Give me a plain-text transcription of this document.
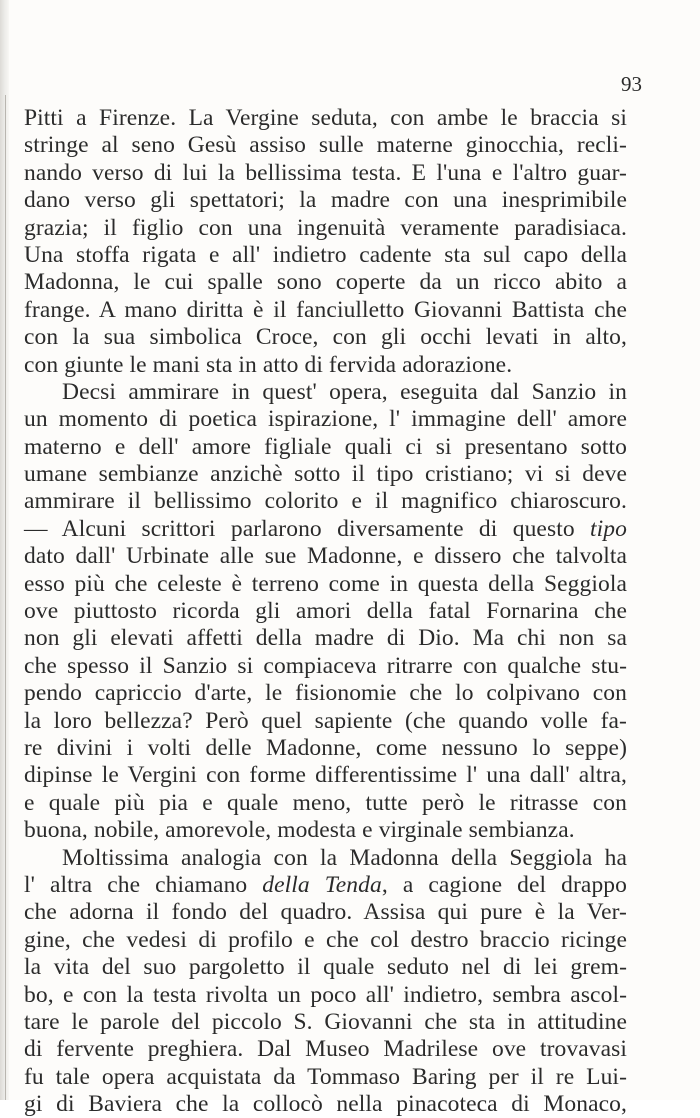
93
Pitti a Firenze. La Vergine seduta, con ambe le braccia si
stringe al seno Gesù assiso sulle materne ginocchia, recli-
nando verso di lui la bellissima testa. E l'una e l'altro guar-
dano verso gli spettatori; la madre con una inesprimibile
grazia; il figlio con una ingenuità veramente paradisiaca.
Una stoffa rigata e all' indietro cadente sta sul capo della
Madonna, le cui spalle sono coperte da un ricco abito a
frange. A mano diritta è il fanciulletto Giovanni Battista che
con la sua simbolica Croce, con gli occhi levati in alto,
con giunte le mani sta in atto di fervida adorazione.
Decsi ammirare in quest' opera, eseguita dal Sanzio in
un momento di poetica ispirazione, l' immagine dell' amore
materno e dell' amore figliale quali ci si presentano sotto
umane sembianze anzichè sotto il tipo cristiano; vi si deve
ammirare il bellissimo colorito e il magnifico chiaroscuro.
— Alcuni scrittori parlarono diversamente di questo tipo
dato dall' Urbinate alle sue Madonne, e dissero che talvolta
esso più che celeste è terreno come in questa della Seggiola
ove piuttosto ricorda gli amori della fatal Fornarina che
non gli elevati affetti della madre di Dio. Ma chi non sa
che spesso il Sanzio si compiaceva ritrarre con qualche stu-
pendo capriccio d'arte, le fisionomie che lo colpivano con
la loro bellezza? Però quel sapiente (che quando volle fa-
re divini i volti delle Madonne, come nessuno lo seppe)
dipinse le Vergini con forme differentissime l' una dall' altra,
e quale più pia e quale meno, tutte però le ritrasse con
buona, nobile, amorevole, modesta e virginale sembianza.
Moltissima analogia con la Madonna della Seggiola ha
l' altra che chiamano della Tenda, a cagione del drappo
che adorna il fondo del quadro. Assisa qui pure è la Ver-
gine, che vedesi di profilo e che col destro braccio ricinge
la vita del suo pargoletto il quale seduto nel di lei grem-
bo, e con la testa rivolta un poco all' indietro, sembra ascol-
tare le parole del piccolo S. Giovanni che sta in attitudine
di fervente preghiera. Dal Museo Madrilese ove trovavasi
fu tale opera acquistata da Tommaso Baring per il re Lui-
gi di Baviera che la collocò nella pinacoteca di Monaco,
